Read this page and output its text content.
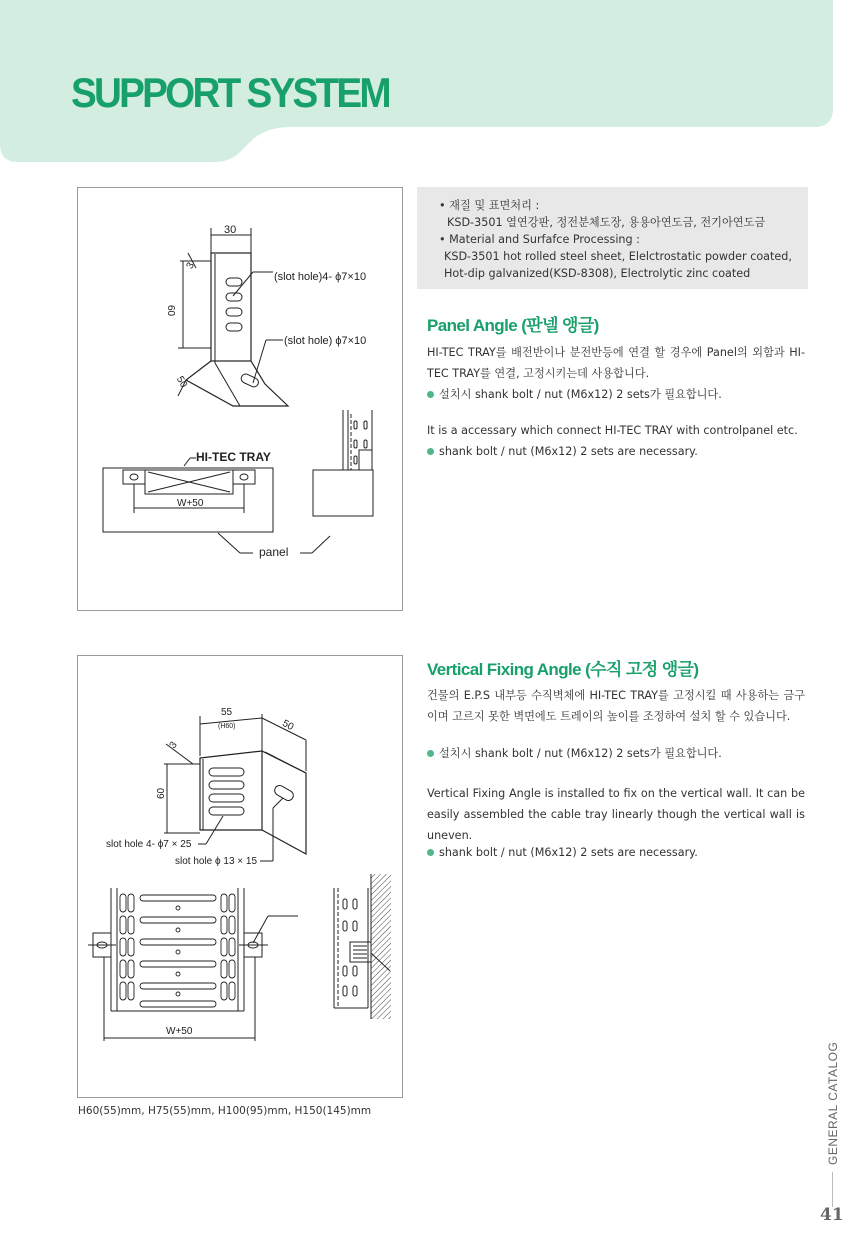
SUPPORT SYSTEM
30
3
60
50
(slot hole)4- ϕ7×10
(slot hole) ϕ7×10
HI-TEC TRAY
W+50
panel
• 재질 및 표면처리 :
KSD-3501 열연강판, 정전분체도장, 용용아연도금, 전기아연도금
• Material and Surfafce Processing :
KSD-3501 hot rolled steel sheet, Elelctrostatic powder coated,
Hot-dip galvanized(KSD-8308), Electrolytic zinc coated
Panel Angle (판넬 앵글)
HI-TEC TRAY를 배전반이나 분전반등에 연결 할 경우에 Panel의 외함과 HI-TEC TRAY를 연결, 고정시키는데 사용합니다.
설치시 shank bolt / nut (M6x12) 2 sets가 필요합니다.
It is a accessary which connect HI-TEC TRAY with controlpanel etc.
shank bolt / nut (M6x12) 2 sets are necessary.
55
(H60)	50
3
60
slot hole 4- ϕ7 × 25
slot hole ϕ 13 × 15
W+50
Vertical Fixing Angle (수직 고정 앵글)
건물의 E.P.S 내부등 수직벽체에 HI-TEC TRAY를 고정시킬 때 사용하는 금구이며 고르지 못한 벽면에도 트레이의 높이를 조정하여 설치 할 수 있습니다.
설치시 shank bolt / nut (M6x12) 2 sets가 필요합니다.
Vertical Fixing Angle is installed to fix on the vertical wall. It can be easily assembled the cable tray linearly though the vertical wall is uneven.
shank bolt / nut (M6x12) 2 sets are necessary.
H60(55)mm, H75(55)mm, H100(95)mm, H150(145)mm	GENERAL CATALOG
41
